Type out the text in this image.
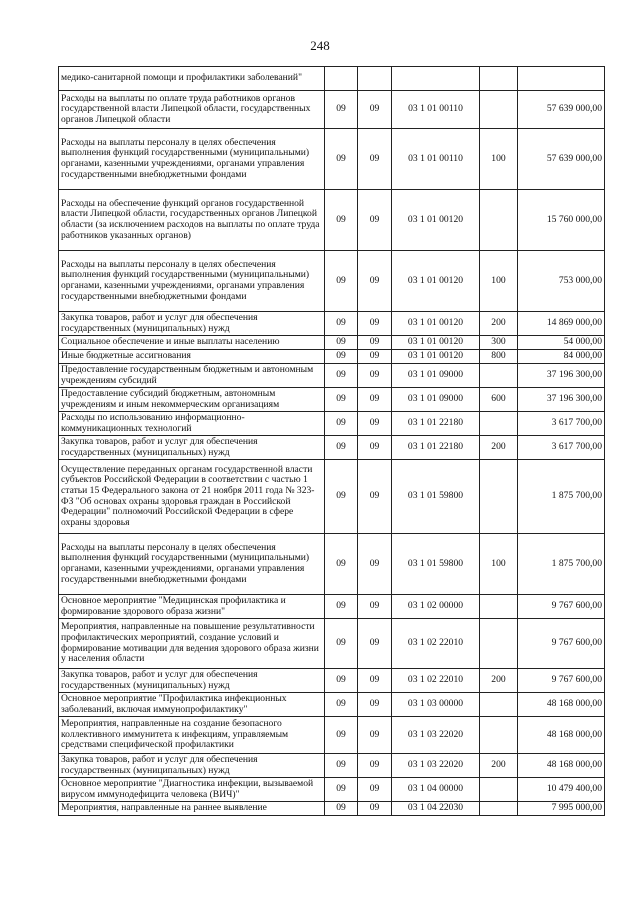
248
медико-санитарной помощи и профилактики заболеваний"					
Расходы на выплаты по оплате труда работников органов государственной власти Липецкой области, государственных органов Липецкой области	09	09	03 1 01 00110		57 639 000,00
Расходы на выплаты персоналу в целях обеспечения выполнения функций государственными (муниципальными) органами, казенными учреждениями, органами управления государственными внебюджетными фондами	09	09	03 1 01 00110	100	57 639 000,00
Расходы на обеспечение функций органов государственной власти Липецкой области, государственных органов Липецкой области (за исключением расходов на выплаты по оплате труда работников указанных органов)	09	09	03 1 01 00120		15 760 000,00
Расходы на выплаты персоналу в целях обеспечения выполнения функций государственными (муниципальными) органами, казенными учреждениями, органами управления государственными внебюджетными фондами	09	09	03 1 01 00120	100	753 000,00
Закупка товаров, работ и услуг для обеспечения государственных (муниципальных) нужд	09	09	03 1 01 00120	200	14 869 000,00
Социальное обеспечение и иные выплаты населению	09	09	03 1 01 00120	300	54 000,00
Иные бюджетные ассигнования	09	09	03 1 01 00120	800	84 000,00
Предоставление государственным бюджетным и автономным учреждениям субсидий	09	09	03 1 01 09000		37 196 300,00
Предоставление субсидий бюджетным, автономным учреждениям и иным некоммерческим организациям	09	09	03 1 01 09000	600	37 196 300,00
Расходы по использованию информационно-коммуникационных технологий	09	09	03 1 01 22180		3 617 700,00
Закупка товаров, работ и услуг для обеспечения государственных (муниципальных) нужд	09	09	03 1 01 22180	200	3 617 700,00
Осуществление переданных органам государственной власти субъектов Российской Федерации в соответствии с частью 1 статьи 15 Федерального закона от 21 ноября 2011 года № 323-ФЗ "Об основах охраны здоровья граждан в Российской Федерации" полномочий Российской Федерации в сфере охраны здоровья	09	09	03 1 01 59800		1 875 700,00
Расходы на выплаты персоналу в целях обеспечения выполнения функций государственными (муниципальными) органами, казенными учреждениями, органами управления государственными внебюджетными фондами	09	09	03 1 01 59800	100	1 875 700,00
Основное мероприятие "Медицинская профилактика и формирование здорового образа жизни"	09	09	03 1 02 00000		9 767 600,00
Мероприятия, направленные на повышение результативности профилактических мероприятий, создание условий и формирование мотивации для ведения здорового образа жизни у населения области	09	09	03 1 02 22010		9 767 600,00
Закупка товаров, работ и услуг для обеспечения государственных (муниципальных) нужд	09	09	03 1 02 22010	200	9 767 600,00
Основное мероприятие "Профилактика инфекционных заболеваний, включая иммунопрофилактику"	09	09	03 1 03 00000		48 168 000,00
Мероприятия, направленные на создание безопасного коллективного иммунитета к инфекциям, управляемым средствами специфической профилактики	09	09	03 1 03 22020		48 168 000,00
Закупка товаров, работ и услуг для обеспечения государственных (муниципальных) нужд	09	09	03 1 03 22020	200	48 168 000,00
Основное мероприятие "Диагностика инфекции, вызываемой вирусом иммунодефицита человека (ВИЧ)"	09	09	03 1 04 00000		10 479 400,00
Мероприятия, направленные на раннее выявление	09	09	03 1 04 22030		7 995 000,00
